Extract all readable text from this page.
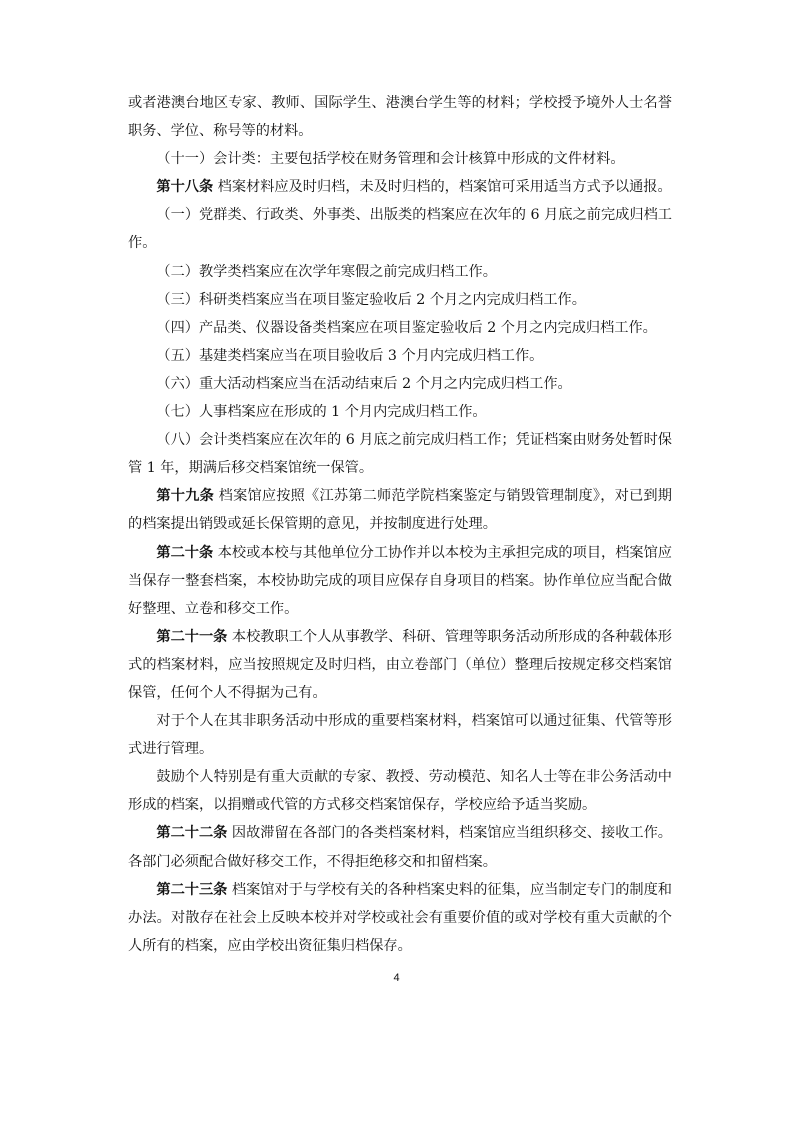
或者港澳台地区专家、教师、国际学生、港澳台学生等的材料；学校授予境外人士名誉职务、学位、称号等的材料。

（十一）会计类：主要包括学校在财务管理和会计核算中形成的文件材料。

第十八条 档案材料应及时归档，未及时归档的，档案馆可采用适当方式予以通报。

（一）党群类、行政类、外事类、出版类的档案应在次年的 6 月底之前完成归档工作。

（二）教学类档案应在次学年寒假之前完成归档工作。

（三）科研类档案应当在项目鉴定验收后 2 个月之内完成归档工作。

（四）产品类、仪器设备类档案应在项目鉴定验收后 2 个月之内完成归档工作。

（五）基建类档案应当在项目验收后 3 个月内完成归档工作。

（六）重大活动档案应当在活动结束后 2 个月之内完成归档工作。

（七）人事档案应在形成的 1 个月内完成归档工作。

（八）会计类档案应在次年的 6 月底之前完成归档工作；凭证档案由财务处暂时保管 1 年，期满后移交档案馆统一保管。

第十九条 档案馆应按照《江苏第二师范学院档案鉴定与销毁管理制度》，对已到期的档案提出销毁或延长保管期的意见，并按制度进行处理。

第二十条 本校或本校与其他单位分工协作并以本校为主承担完成的项目，档案馆应当保存一整套档案，本校协助完成的项目应保存自身项目的档案。协作单位应当配合做好整理、立卷和移交工作。

第二十一条 本校教职工个人从事教学、科研、管理等职务活动所形成的各种载体形式的档案材料，应当按照规定及时归档，由立卷部门（单位）整理后按规定移交档案馆保管，任何个人不得据为己有。

对于个人在其非职务活动中形成的重要档案材料，档案馆可以通过征集、代管等形式进行管理。

鼓励个人特别是有重大贡献的专家、教授、劳动模范、知名人士等在非公务活动中形成的档案，以捐赠或代管的方式移交档案馆保存，学校应给予适当奖励。

第二十二条 因故滞留在各部门的各类档案材料，档案馆应当组织移交、接收工作。各部门必须配合做好移交工作，不得拒绝移交和扣留档案。

第二十三条 档案馆对于与学校有关的各种档案史料的征集，应当制定专门的制度和办法。对散存在社会上反映本校并对学校或社会有重要价值的或对学校有重大贡献的个人所有的档案，应由学校出资征集归档保存。

4
